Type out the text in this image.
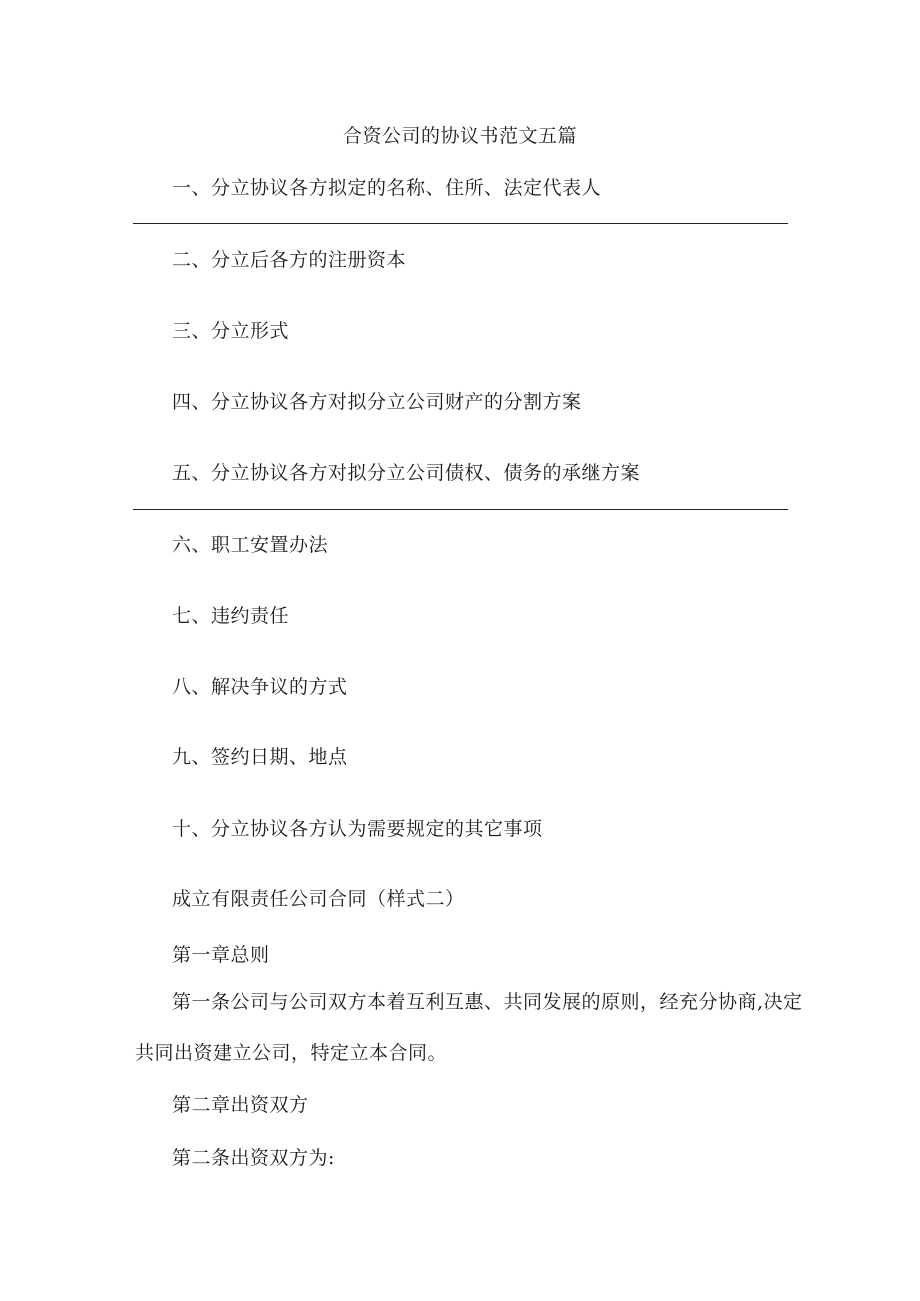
合资公司的协议书范文五篇
一、分立协议各方拟定的名称、住所、法定代表人
二、分立后各方的注册资本
三、分立形式
四、分立协议各方对拟分立公司财产的分割方案
五、分立协议各方对拟分立公司债权、债务的承继方案
六、职工安置办法
七、违约责任
八、解决争议的方式
九、签约日期、地点
十、分立协议各方认为需要规定的其它事项
成立有限责任公司合同（样式二）
第一章总则
第一条公司与公司双方本着互利互惠、共同发展的原则，经充分协商,决定
共同出资建立公司，特定立本合同。
第二章出资双方
第二条出资双方为:
